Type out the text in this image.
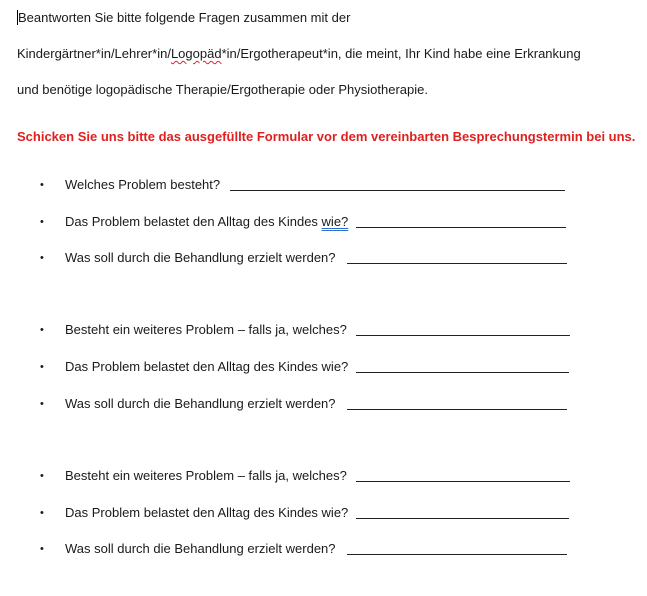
Beantworten Sie bitte folgende Fragen zusammen mit der
Kindergärtner*in/Lehrer*in/Logopäd*in/Ergotherapeut*in, die meint, Ihr Kind habe eine Erkrankung
und benötige logopädische Therapie/Ergotherapie oder Physiotherapie.
Schicken Sie uns bitte das ausgefüllte Formular vor dem vereinbarten Besprechungstermin bei uns.
•	Welches Problem besteht?
•	Das Problem belastet den Alltag des Kindes wie?
•	Was soll durch die Behandlung erzielt werden?
•	Besteht ein weiteres Problem – falls ja, welches?
•	Das Problem belastet den Alltag des Kindes wie?
•	Was soll durch die Behandlung erzielt werden?
•	Besteht ein weiteres Problem – falls ja, welches?
•	Das Problem belastet den Alltag des Kindes wie?
•	Was soll durch die Behandlung erzielt werden?
